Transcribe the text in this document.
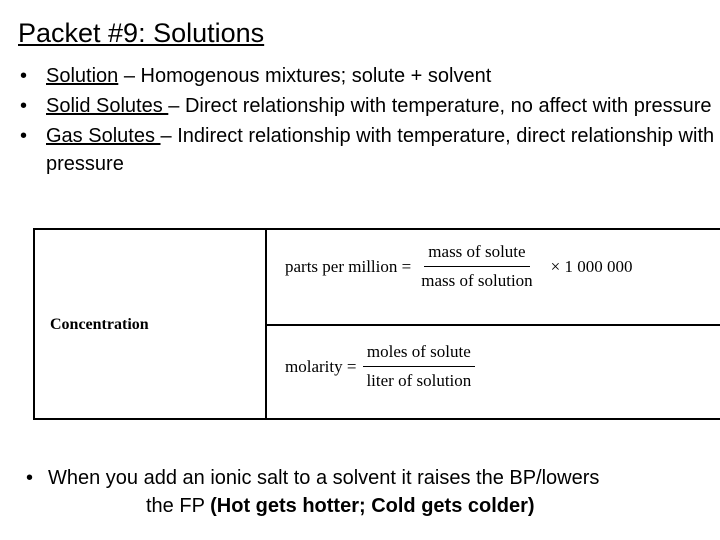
Packet #9: Solutions
• Solution – Homogenous mixtures; solute + solvent
• Solid Solutes – Direct relationship with temperature, no affect with pressure
• Gas Solutes – Indirect relationship with temperature, direct relationship with pressure
Concentration
parts per million = $\frac{\text{mass of solute}}{\text{mass of solution}} \times 1$ 000 000
molarity = $\frac{\text{moles of solute}}{\text{liter of solution}}$
• When you add an ionic salt to a solvent it raises the BP/lowers
the FP (Hot gets hotter; Cold gets colder)
